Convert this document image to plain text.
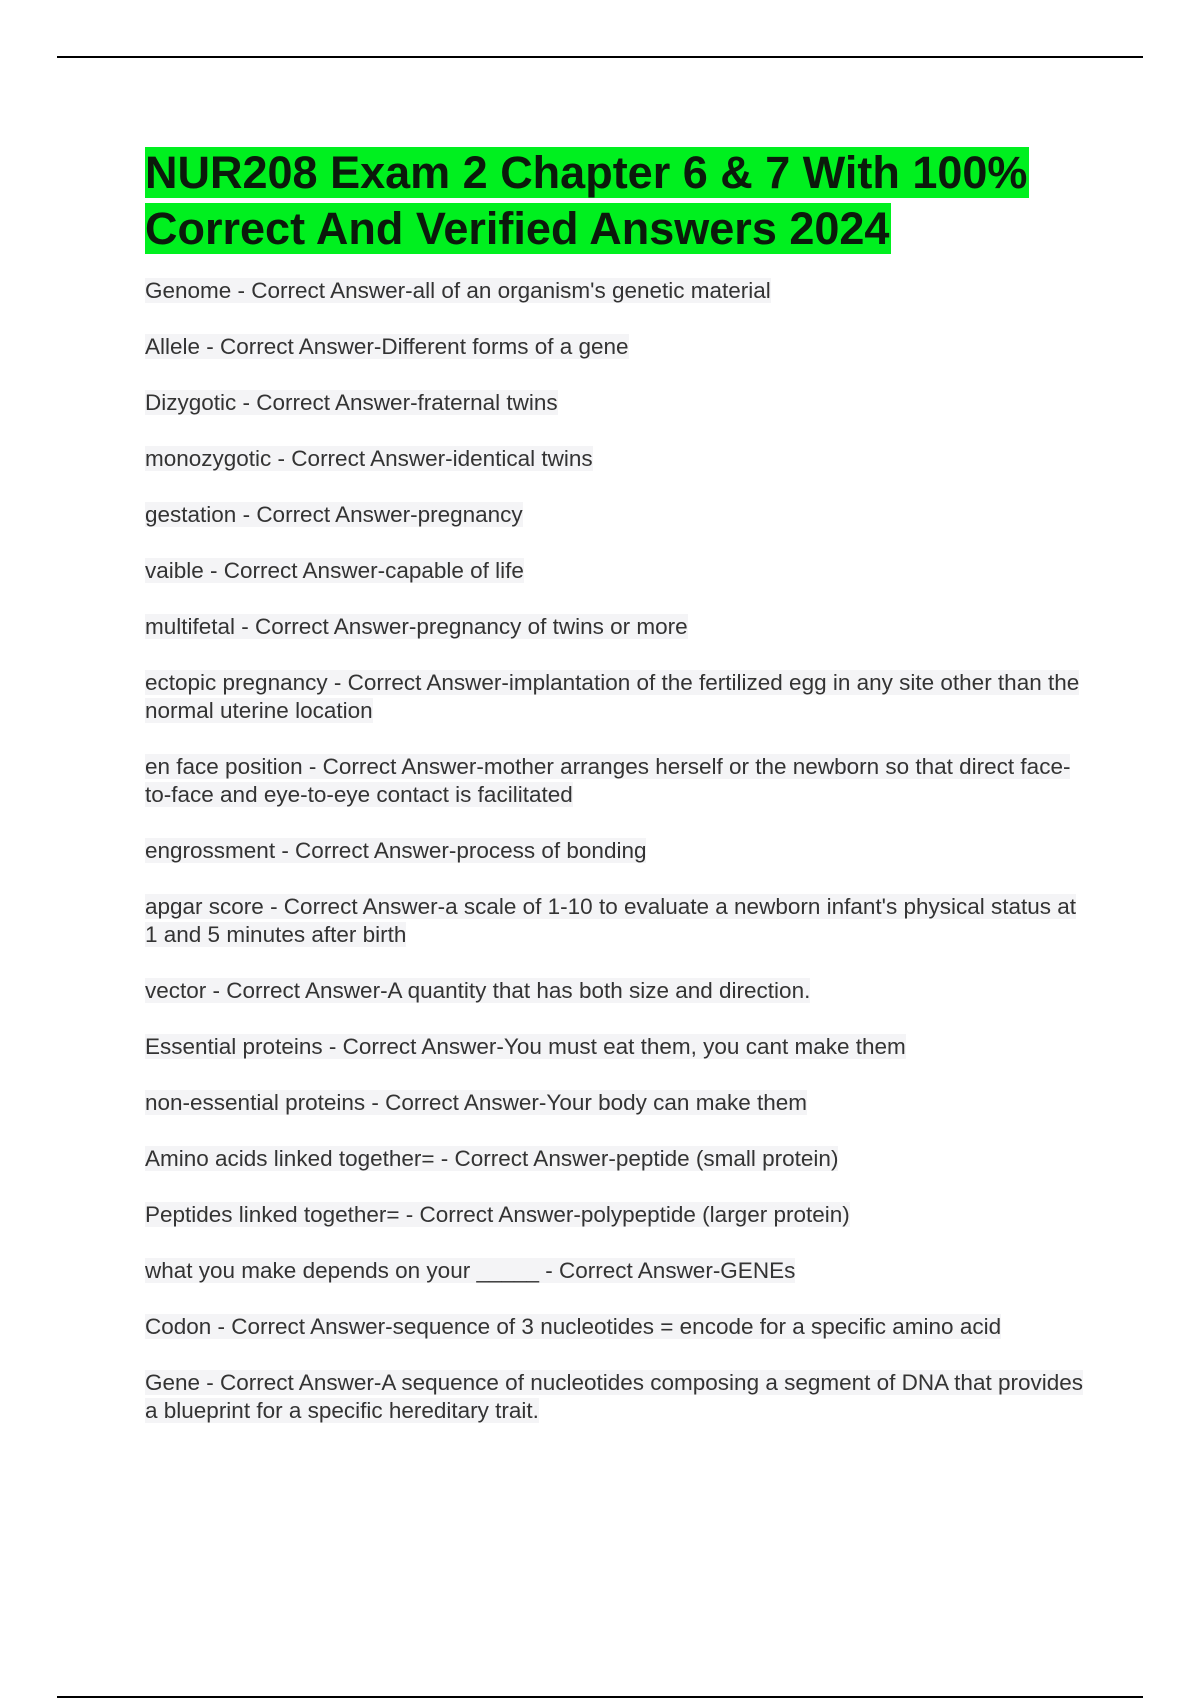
NUR208 Exam 2 Chapter 6 & 7 With 100% Correct And Verified Answers 2024
Genome - Correct Answer-all of an organism's genetic material
Allele - Correct Answer-Different forms of a gene
Dizygotic - Correct Answer-fraternal twins
monozygotic - Correct Answer-identical twins
gestation - Correct Answer-pregnancy
vaible - Correct Answer-capable of life
multifetal - Correct Answer-pregnancy of twins or more
ectopic pregnancy - Correct Answer-implantation of the fertilized egg in any site other than the normal uterine location
en face position - Correct Answer-mother arranges herself or the newborn so that direct face-to-face and eye-to-eye contact is facilitated
engrossment - Correct Answer-process of bonding
apgar score - Correct Answer-a scale of 1-10 to evaluate a newborn infant's physical status at 1 and 5 minutes after birth
vector - Correct Answer-A quantity that has both size and direction.
Essential proteins - Correct Answer-You must eat them, you cant make them
non-essential proteins - Correct Answer-Your body can make them
Amino acids linked together= - Correct Answer-peptide (small protein)
Peptides linked together= - Correct Answer-polypeptide (larger protein)
what you make depends on your _____ - Correct Answer-GENEs
Codon - Correct Answer-sequence of 3 nucleotides = encode for a specific amino acid
Gene - Correct Answer-A sequence of nucleotides composing a segment of DNA that provides a blueprint for a specific hereditary trait.
